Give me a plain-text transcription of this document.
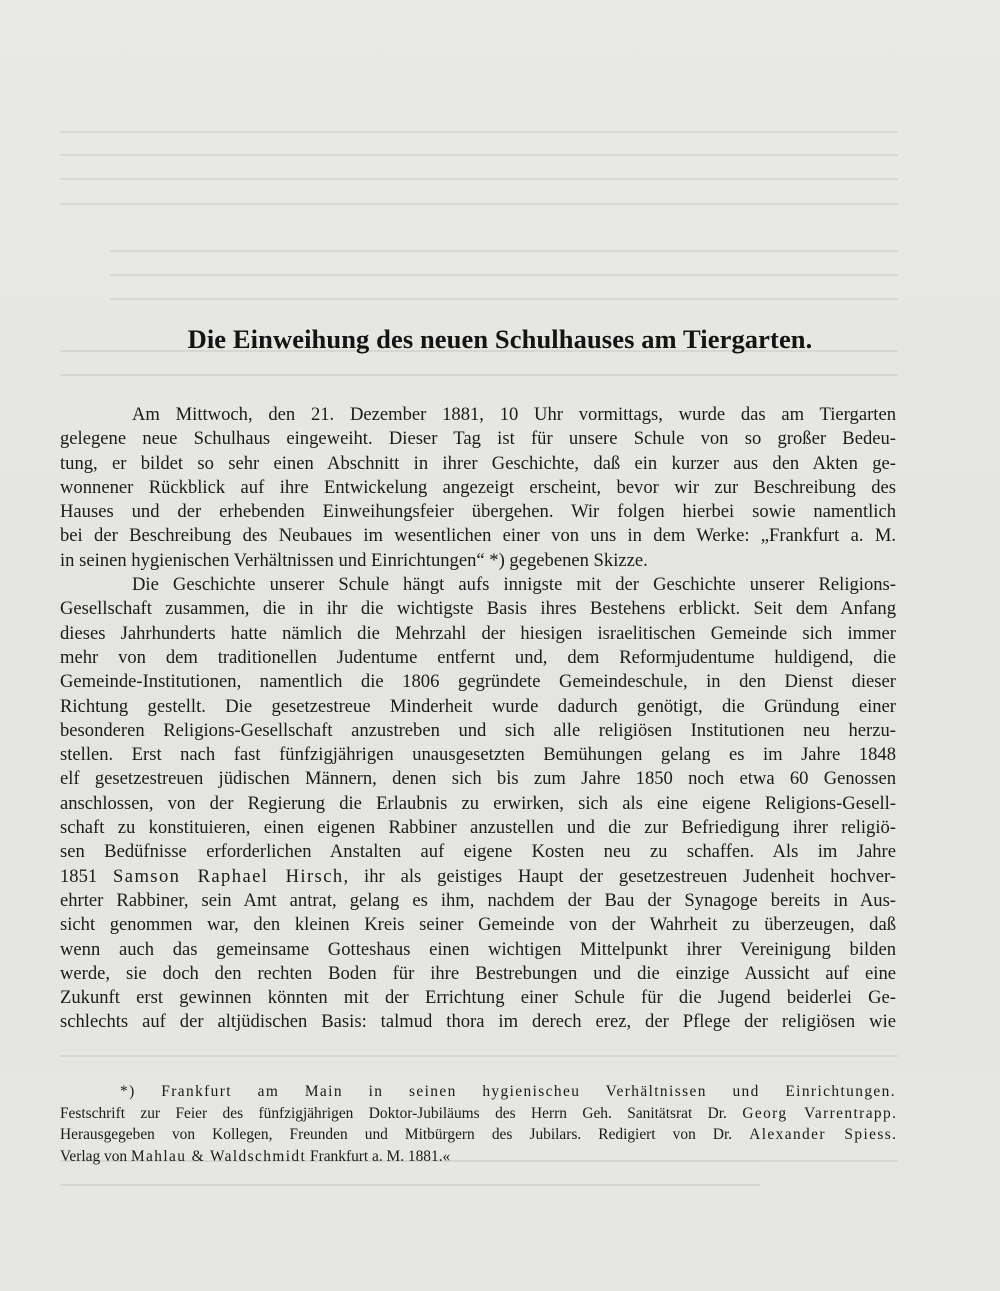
Die Einweihung des neuen Schulhauses am Tiergarten.
Am Mittwoch, den 21. Dezember 1881, 10 Uhr vormittags, wurde das am Tiergarten
gelegene neue Schulhaus eingeweiht. Dieser Tag ist für unsere Schule von so großer Bedeu-
tung, er bildet so sehr einen Abschnitt in ihrer Geschichte, daß ein kurzer aus den Akten ge-
wonnener Rückblick auf ihre Entwickelung angezeigt erscheint, bevor wir zur Beschreibung des
Hauses und der erhebenden Einweihungsfeier übergehen. Wir folgen hierbei sowie namentlich
bei der Beschreibung des Neubaues im wesentlichen einer von uns in dem Werke: „Frankfurt a. M.
in seinen hygienischen Verhältnissen und Einrichtungen“ *) gegebenen Skizze.
Die Geschichte unserer Schule hängt aufs innigste mit der Geschichte unserer Religions-
Gesellschaft zusammen, die in ihr die wichtigste Basis ihres Bestehens erblickt. Seit dem Anfang
dieses Jahrhunderts hatte nämlich die Mehrzahl der hiesigen israelitischen Gemeinde sich immer
mehr von dem traditionellen Judentume entfernt und, dem Reformjudentume huldigend, die
Gemeinde-Institutionen, namentlich die 1806 gegründete Gemeindeschule, in den Dienst dieser
Richtung gestellt. Die gesetzestreue Minderheit wurde dadurch genötigt, die Gründung einer
besonderen Religions-Gesellschaft anzustreben und sich alle religiösen Institutionen neu herzu-
stellen. Erst nach fast fünfzigjährigen unausgesetzten Bemühungen gelang es im Jahre 1848
elf gesetzestreuen jüdischen Männern, denen sich bis zum Jahre 1850 noch etwa 60 Genossen
anschlossen, von der Regierung die Erlaubnis zu erwirken, sich als eine eigene Religions-Gesell-
schaft zu konstituieren, einen eigenen Rabbiner anzustellen und die zur Befriedigung ihrer religiö-
sen Bedüfnisse erforderlichen Anstalten auf eigene Kosten neu zu schaffen. Als im Jahre
1851 Samson Raphael Hirsch, ihr als geistiges Haupt der gesetzestreuen Judenheit hochver-
ehrter Rabbiner, sein Amt antrat, gelang es ihm, nachdem der Bau der Synagoge bereits in Aus-
sicht genommen war, den kleinen Kreis seiner Gemeinde von der Wahrheit zu überzeugen, daß
wenn auch das gemeinsame Gotteshaus einen wichtigen Mittelpunkt ihrer Vereinigung bilden
werde, sie doch den rechten Boden für ihre Bestrebungen und die einzige Aussicht auf eine
Zukunft erst gewinnen könnten mit der Errichtung einer Schule für die Jugend beiderlei Ge-
schlechts auf der altjüdischen Basis: talmud thora im derech erez, der Pflege der religiösen wie
*) Frankfurt am Main in seinen hygienischeu Verhältnissen und Einrichtungen.
Festschrift zur Feier des fünfzigjährigen Doktor-Jubiläums des Herrn Geh. Sanitätsrat Dr. Georg Varrentrapp.
Herausgegeben von Kollegen, Freunden und Mitbürgern des Jubilars. Redigiert von Dr. Alexander Spiess.
Verlag von Mahlau & Waldschmidt Frankfurt a. M. 1881.«
